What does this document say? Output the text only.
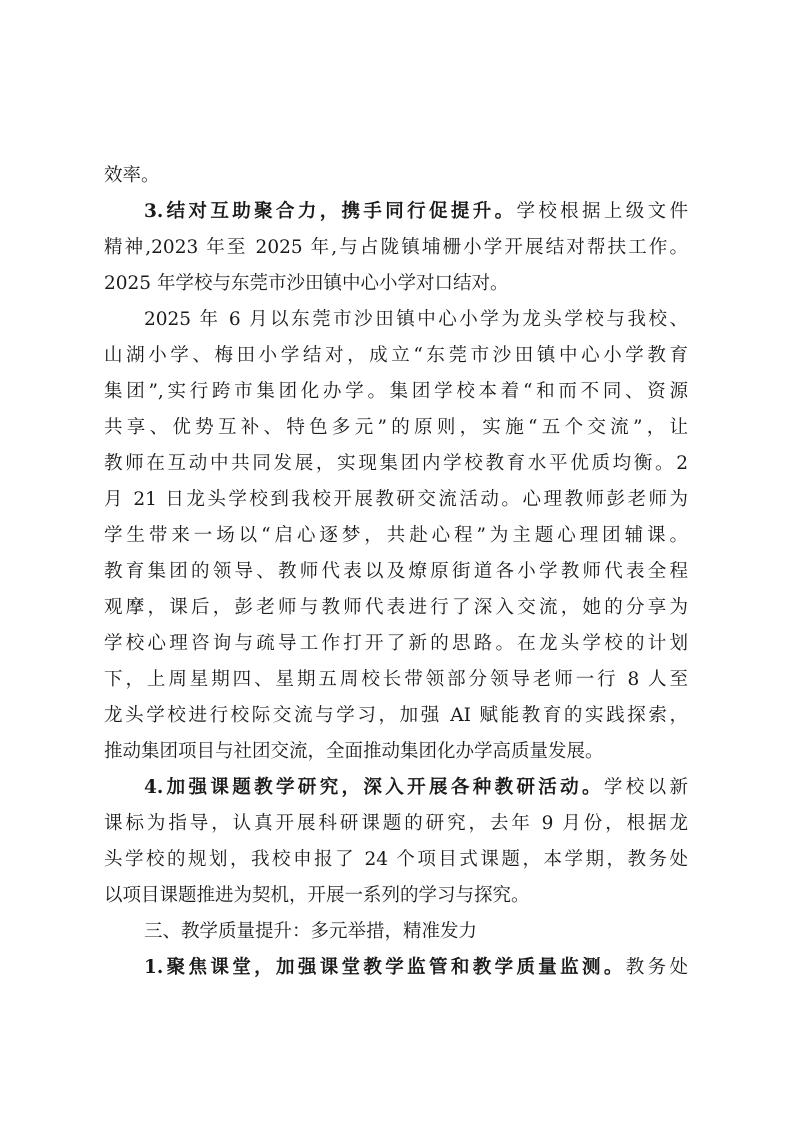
效率。
3.结对互助聚合力，携手同行促提升。学校根据上级文件
精神,2023 年至 2025 年,与占陇镇埔栅小学开展结对帮扶工作。
2025 年学校与东莞市沙田镇中心小学对口结对。
2025 年 6 月以东莞市沙田镇中心小学为龙头学校与我校、
山湖小学、梅田小学结对，成立“东莞市沙田镇中心小学教育
集团”,实行跨市集团化办学。集团学校本着“和而不同、资源
共享、优势互补、特色多元”的原则，实施“五个交流”，让
教师在互动中共同发展，实现集团内学校教育水平优质均衡。2
月 21 日龙头学校到我校开展教研交流活动。心理教师彭老师为
学生带来一场以“启心逐梦，共赴心程”为主题心理团辅课。
教育集团的领导、教师代表以及燎原街道各小学教师代表全程
观摩，课后，彭老师与教师代表进行了深入交流，她的分享为
学校心理咨询与疏导工作打开了新的思路。在龙头学校的计划
下，上周星期四、星期五周校长带领部分领导老师一行 8 人至
龙头学校进行校际交流与学习，加强 AI 赋能教育的实践探索，
推动集团项目与社团交流，全面推动集团化办学高质量发展。
4.加强课题教学研究，深入开展各种教研活动。学校以新
课标为指导，认真开展科研课题的研究，去年 9 月份，根据龙
头学校的规划，我校申报了 24 个项目式课题，本学期，教务处
以项目课题推进为契机，开展一系列的学习与探究。
三、教学质量提升：多元举措，精准发力
1.聚焦课堂，加强课堂教学监管和教学质量监测。教务处
